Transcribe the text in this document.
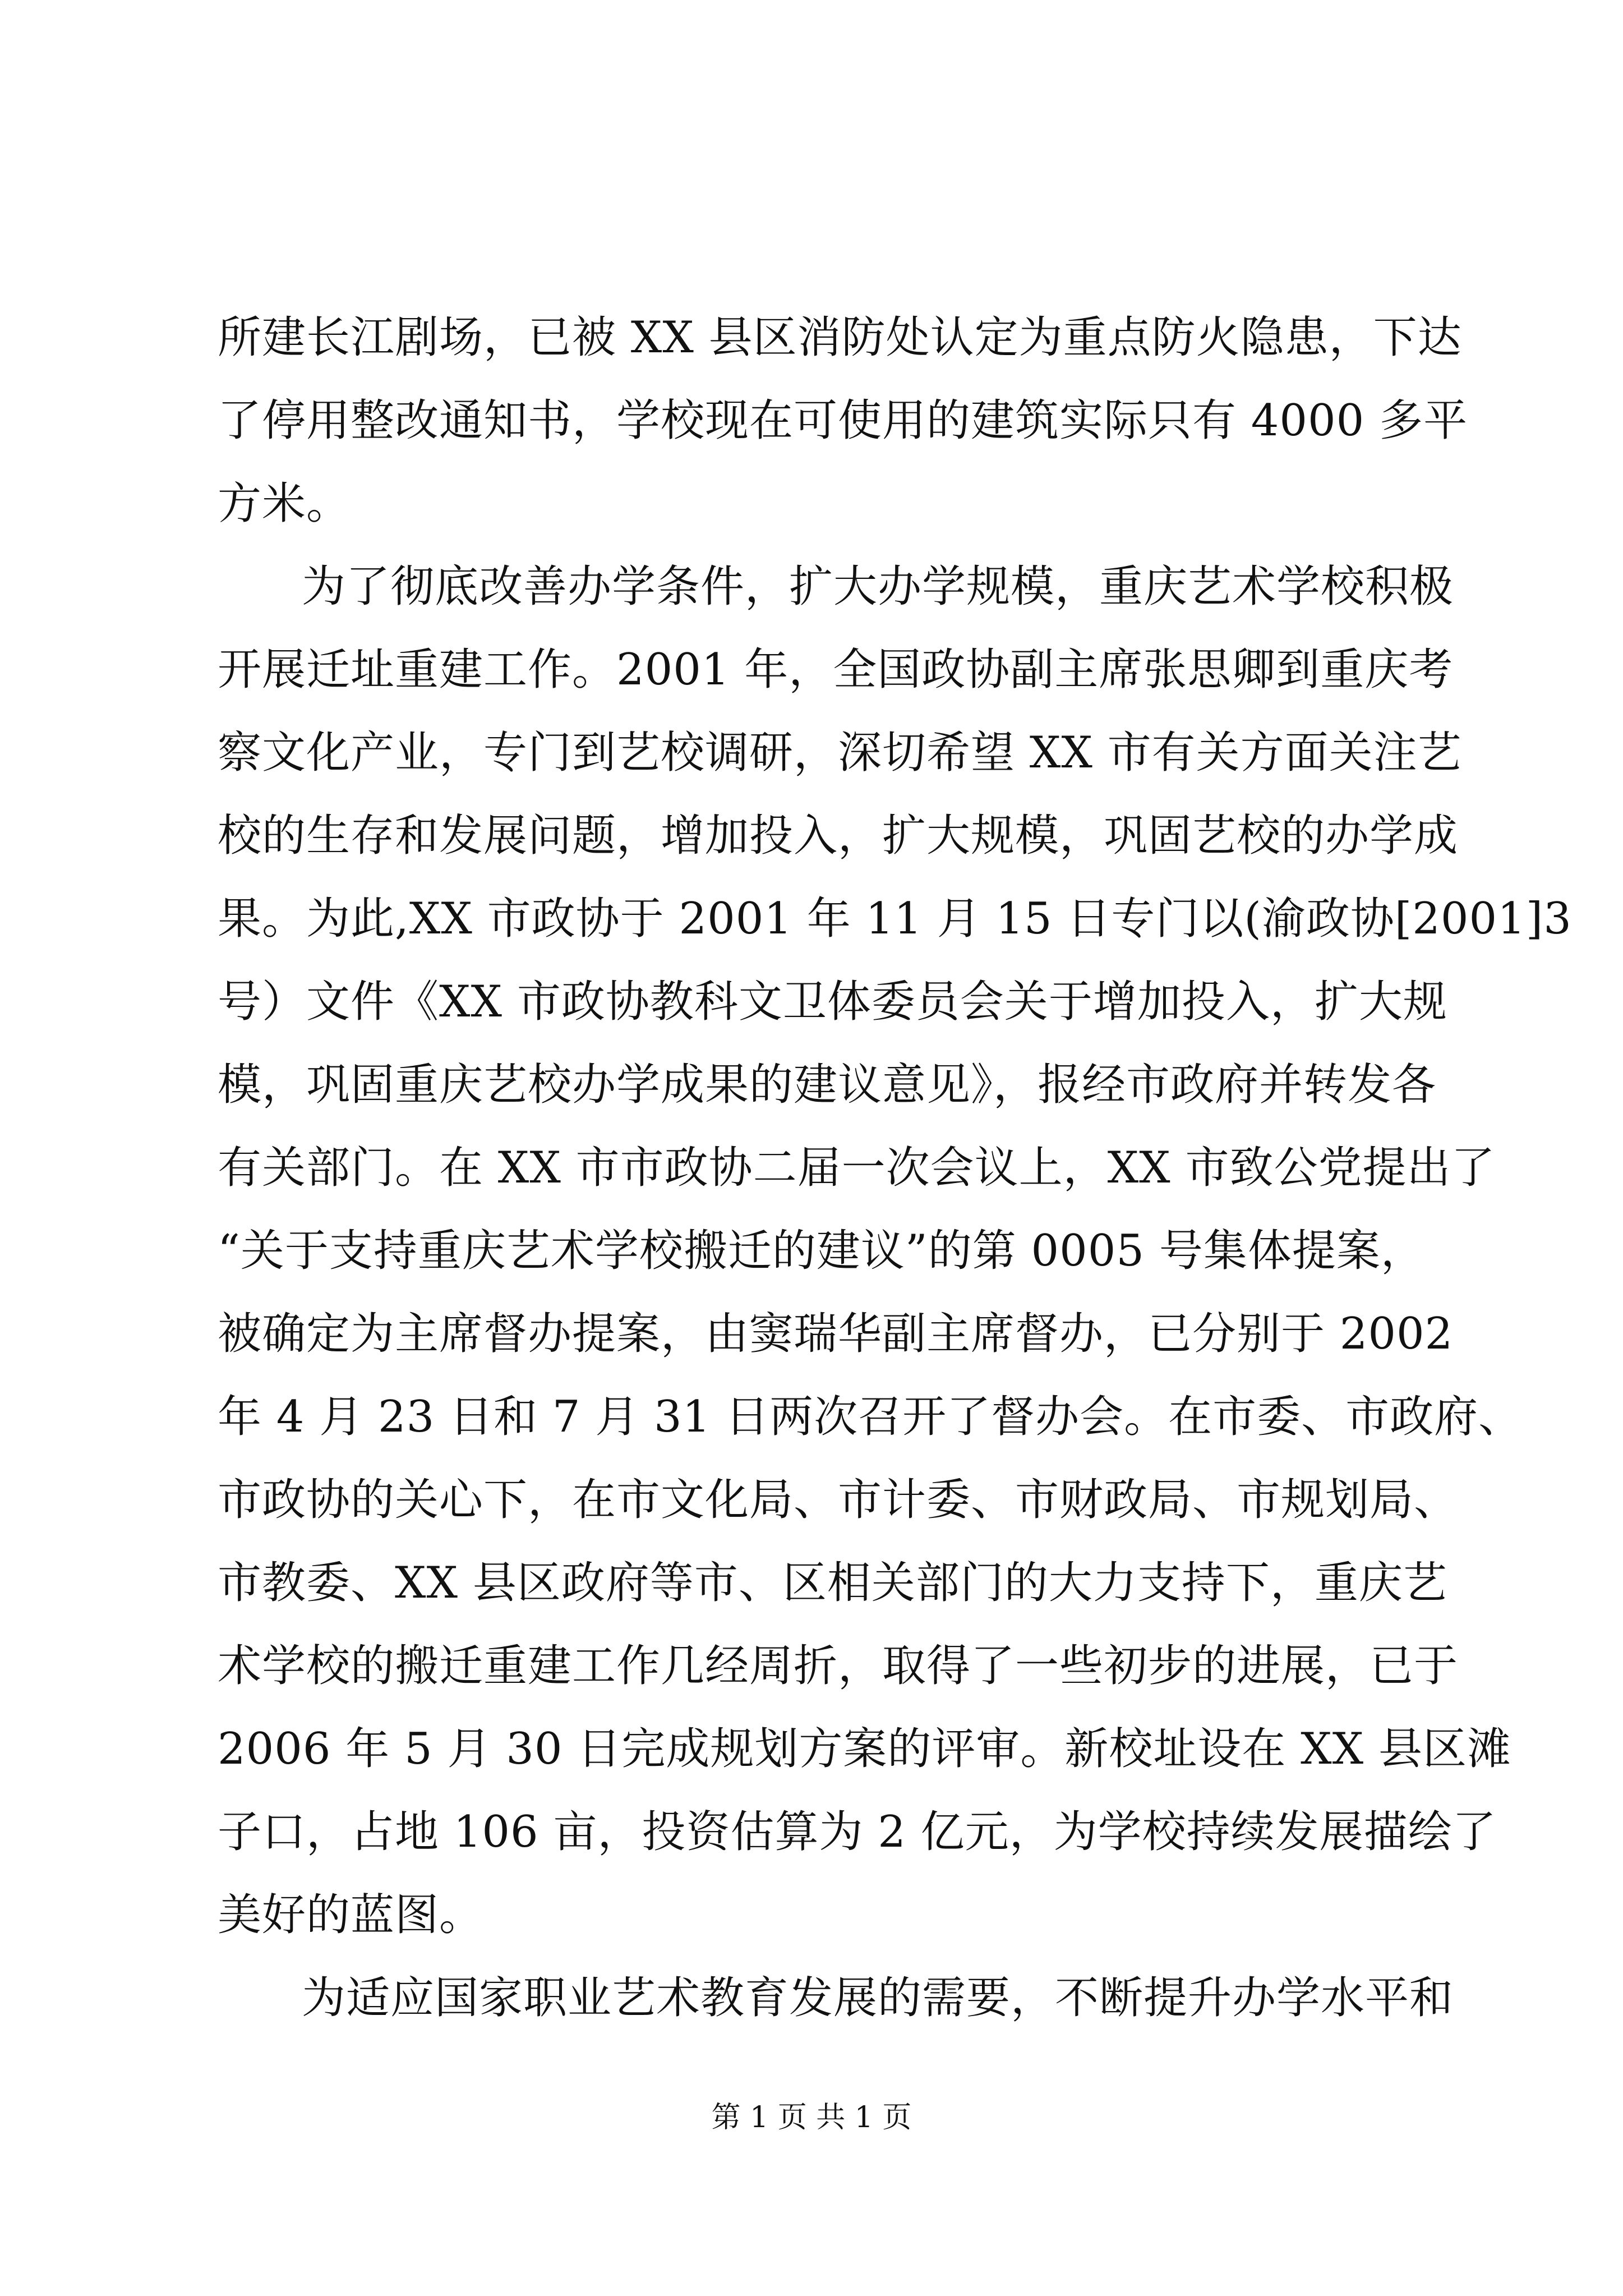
所建长江剧场，已被 XX 县区消防处认定为重点防火隐患，下达
了停用整改通知书，学校现在可使用的建筑实际只有 4000 多平
方米。
为了彻底改善办学条件，扩大办学规模，重庆艺术学校积极
开展迁址重建工作。2001 年，全国政协副主席张思卿到重庆考
察文化产业，专门到艺校调研，深切希望 XX 市有关方面关注艺
校的生存和发展问题，增加投入，扩大规模，巩固艺校的办学成
果。为此,XX 市政协于 2001 年 11 月 15 日专门以(渝政协[2001]3
号）文件《XX 市政协教科文卫体委员会关于增加投入，扩大规
模，巩固重庆艺校办学成果的建议意见》，报经市政府并转发各
有关部门。在 XX 市市政协二届一次会议上，XX 市致公党提出了
“关于支持重庆艺术学校搬迁的建议”的第 0005 号集体提案，
被确定为主席督办提案，由窦瑞华副主席督办，已分别于 2002
年 4 月 23 日和 7 月 31 日两次召开了督办会。在市委、市政府、
市政协的关心下，在市文化局、市计委、市财政局、市规划局、
市教委、XX 县区政府等市、区相关部门的大力支持下，重庆艺
术学校的搬迁重建工作几经周折，取得了一些初步的进展，已于
2006 年 5 月 30 日完成规划方案的评审。新校址设在 XX 县区滩
子口，占地 106 亩，投资估算为 2 亿元，为学校持续发展描绘了
美好的蓝图。
为适应国家职业艺术教育发展的需要，不断提升办学水平和
第 1 页 共 1 页
